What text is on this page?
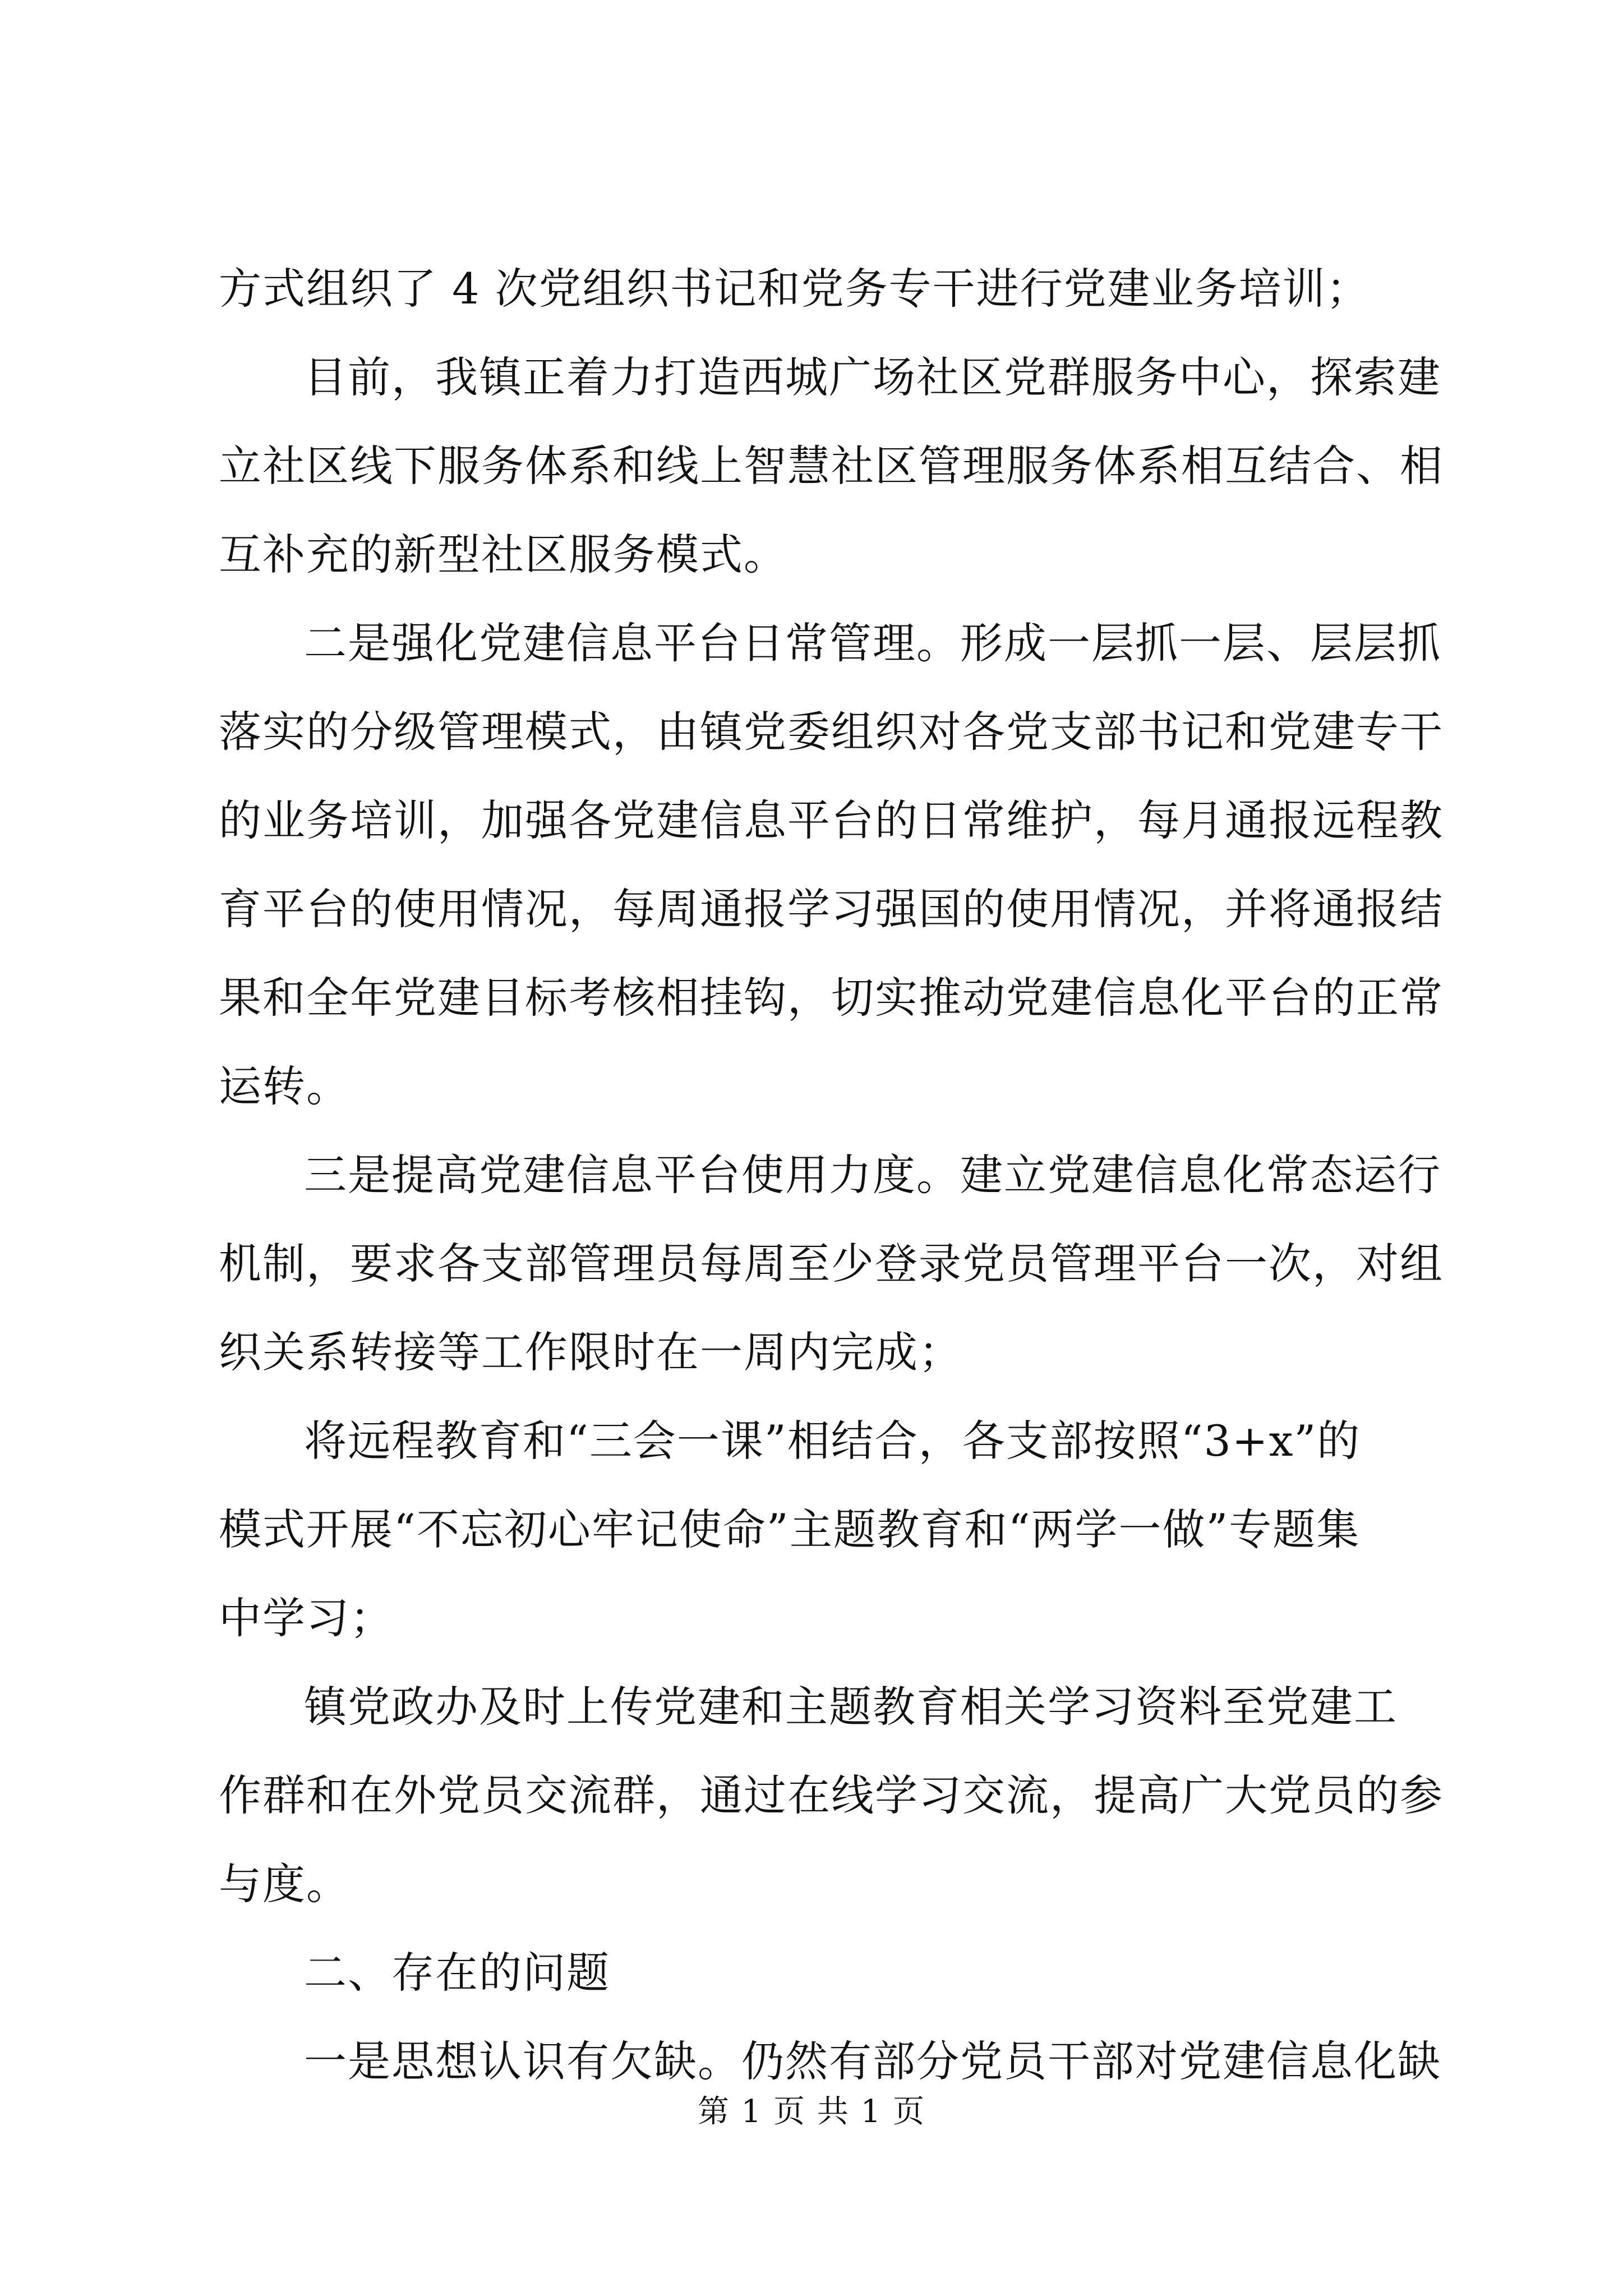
方式组织了 4 次党组织书记和党务专干进行党建业务培训；
目前，我镇正着力打造西城广场社区党群服务中心，探索建
立社区线下服务体系和线上智慧社区管理服务体系相互结合、相
互补充的新型社区服务模式。
二是强化党建信息平台日常管理。形成一层抓一层、层层抓
落实的分级管理模式，由镇党委组织对各党支部书记和党建专干
的业务培训，加强各党建信息平台的日常维护，每月通报远程教
育平台的使用情况，每周通报学习强国的使用情况，并将通报结
果和全年党建目标考核相挂钩，切实推动党建信息化平台的正常
运转。
三是提高党建信息平台使用力度。建立党建信息化常态运行
机制，要求各支部管理员每周至少登录党员管理平台一次，对组
织关系转接等工作限时在一周内完成；
将远程教育和“三会一课”相结合，各支部按照“3+x”的
模式开展“不忘初心牢记使命”主题教育和“两学一做”专题集
中学习；
镇党政办及时上传党建和主题教育相关学习资料至党建工
作群和在外党员交流群，通过在线学习交流，提高广大党员的参
与度。
二、存在的问题
一是思想认识有欠缺。仍然有部分党员干部对党建信息化缺
第 1 页 共 1 页
